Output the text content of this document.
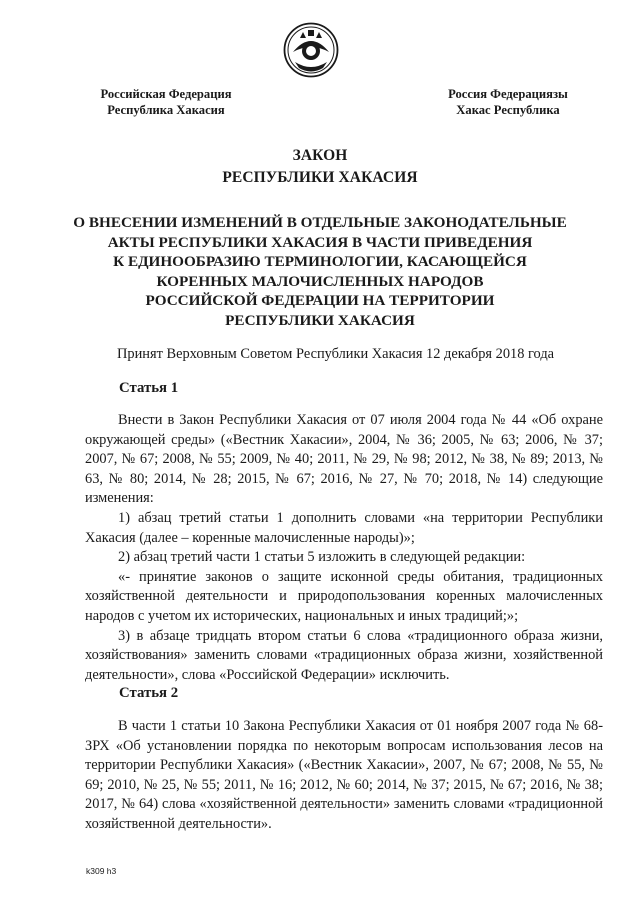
Российская Федерация
Республика Хакасия
Россия Федерациязы
Хакас Республика
ЗАКОН
РЕСПУБЛИКИ ХАКАСИЯ
О ВНЕСЕНИИ ИЗМЕНЕНИЙ В ОТДЕЛЬНЫЕ ЗАКОНОДАТЕЛЬНЫЕ
АКТЫ РЕСПУБЛИКИ ХАКАСИЯ В ЧАСТИ ПРИВЕДЕНИЯ
К ЕДИНООБРАЗИЮ ТЕРМИНОЛОГИИ, КАСАЮЩЕЙСЯ
КОРЕННЫХ МАЛОЧИСЛЕННЫХ НАРОДОВ
РОССИЙСКОЙ ФЕДЕРАЦИИ НА ТЕРРИТОРИИ
РЕСПУБЛИКИ ХАКАСИЯ
Принят Верховным Советом Республики Хакасия 12 декабря 2018 года
Статья 1

Внести в Закон Республики Хакасия от 07 июля 2004 года № 44 «Об охране окружающей среды» («Вестник Хакасии», 2004, № 36; 2005, № 63; 2006, № 37; 2007, № 67; 2008, № 55; 2009, № 40; 2011, № 29, № 98; 2012, № 38, № 89; 2013, № 63, № 80; 2014, № 28; 2015, № 67; 2016, № 27, № 70; 2018, № 14) следующие изменения:

1) абзац третий статьи 1 дополнить словами «на территории Республики Хакасия (далее – коренные малочисленные народы)»;

2) абзац третий части 1 статьи 5 изложить в следующей редакции:

«- принятие законов о защите исконной среды обитания, традиционных хозяйственной деятельности и природопользования коренных малочисленных народов с учетом их исторических, национальных и иных традиций;»;

3) в абзаце тридцать втором статьи 6 слова «традиционного образа жизни, хозяйствования» заменить словами «традиционных образа жизни, хозяйственной деятельности», слова «Российской Федерации» исключить.

Статья 2

В части 1 статьи 10 Закона Республики Хакасия от 01 ноября 2007 года № 68-ЗРХ «Об установлении порядка по некоторым вопросам использования лесов на территории Республики Хакасия» («Вестник Хакасии», 2007, № 67; 2008, № 55, № 69; 2010, № 25, № 55; 2011, № 16; 2012, № 60; 2014, № 37; 2015, № 67; 2016, № 38; 2017, № 64) слова «хозяйственной деятельности» заменить словами «традиционной хозяйственной деятельности».

k309 h3
